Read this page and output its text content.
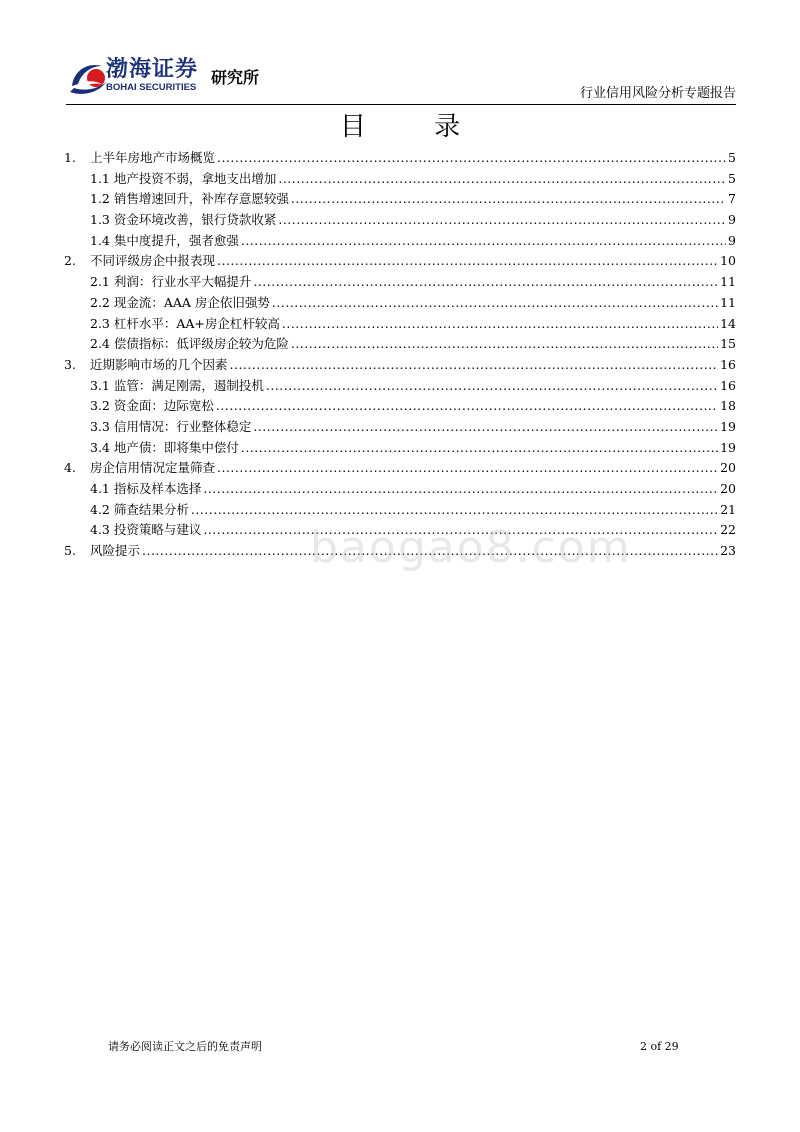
渤海证券
BOHAI SECURITIES
研究所
行业信用风险分析专题报告
目 录
1.	上半年房地产市场概览 .....	5
1.1 地产投资不弱，拿地支出增加 .....	5
1.2 销售增速回升，补库存意愿较强 .....	7
1.3 资金环境改善，银行贷款收紧 .....	9
1.4 集中度提升，强者愈强 .....	9
2.	不同评级房企中报表现 .....	10
2.1 利润：行业水平大幅提升 .....	11
2.2 现金流：AAA 房企依旧强势 .....	11
2.3 杠杆水平：AA+房企杠杆较高 .....	14
2.4 偿债指标：低评级房企较为危险 .....	15
3.	近期影响市场的几个因素 .....	16
3.1 监管：满足刚需，遏制投机 .....	16
3.2 资金面：边际宽松 .....	18
3.3 信用情况：行业整体稳定 .....	19
3.4 地产债：即将集中偿付 .....	19
4.	房企信用情况定量筛查 .....	20
4.1 指标及样本选择 .....	20
4.2 筛查结果分析 .....	21
4.3 投资策略与建议 .....	22
5.	风险提示 .....	23
baogao8.com
请务必阅读正文之后的免责声明	2 of 29
